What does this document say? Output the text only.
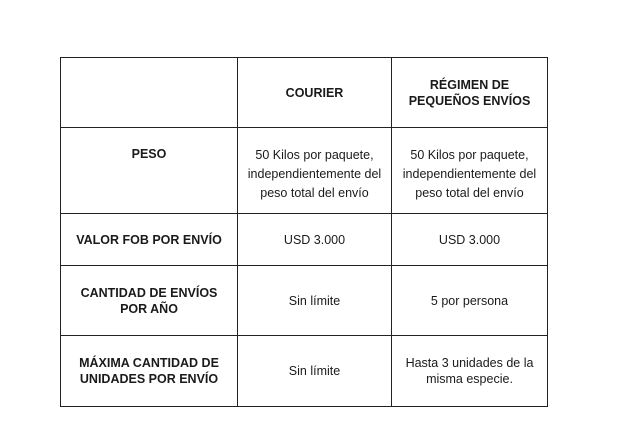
	COURIER	RÉGIMEN DE PEQUEÑOS ENVÍOS
PESO	50 Kilos por paquete, independientemente del peso total del envío	50 Kilos por paquete, independientemente del peso total del envío
VALOR FOB POR ENVÍO	USD 3.000	USD 3.000
CANTIDAD DE ENVÍOS POR AÑO	Sin límite	5 por persona
MÁXIMA CANTIDAD DE UNIDADES POR ENVÍO	Sin límite	Hasta 3 unidades de la misma especie.
